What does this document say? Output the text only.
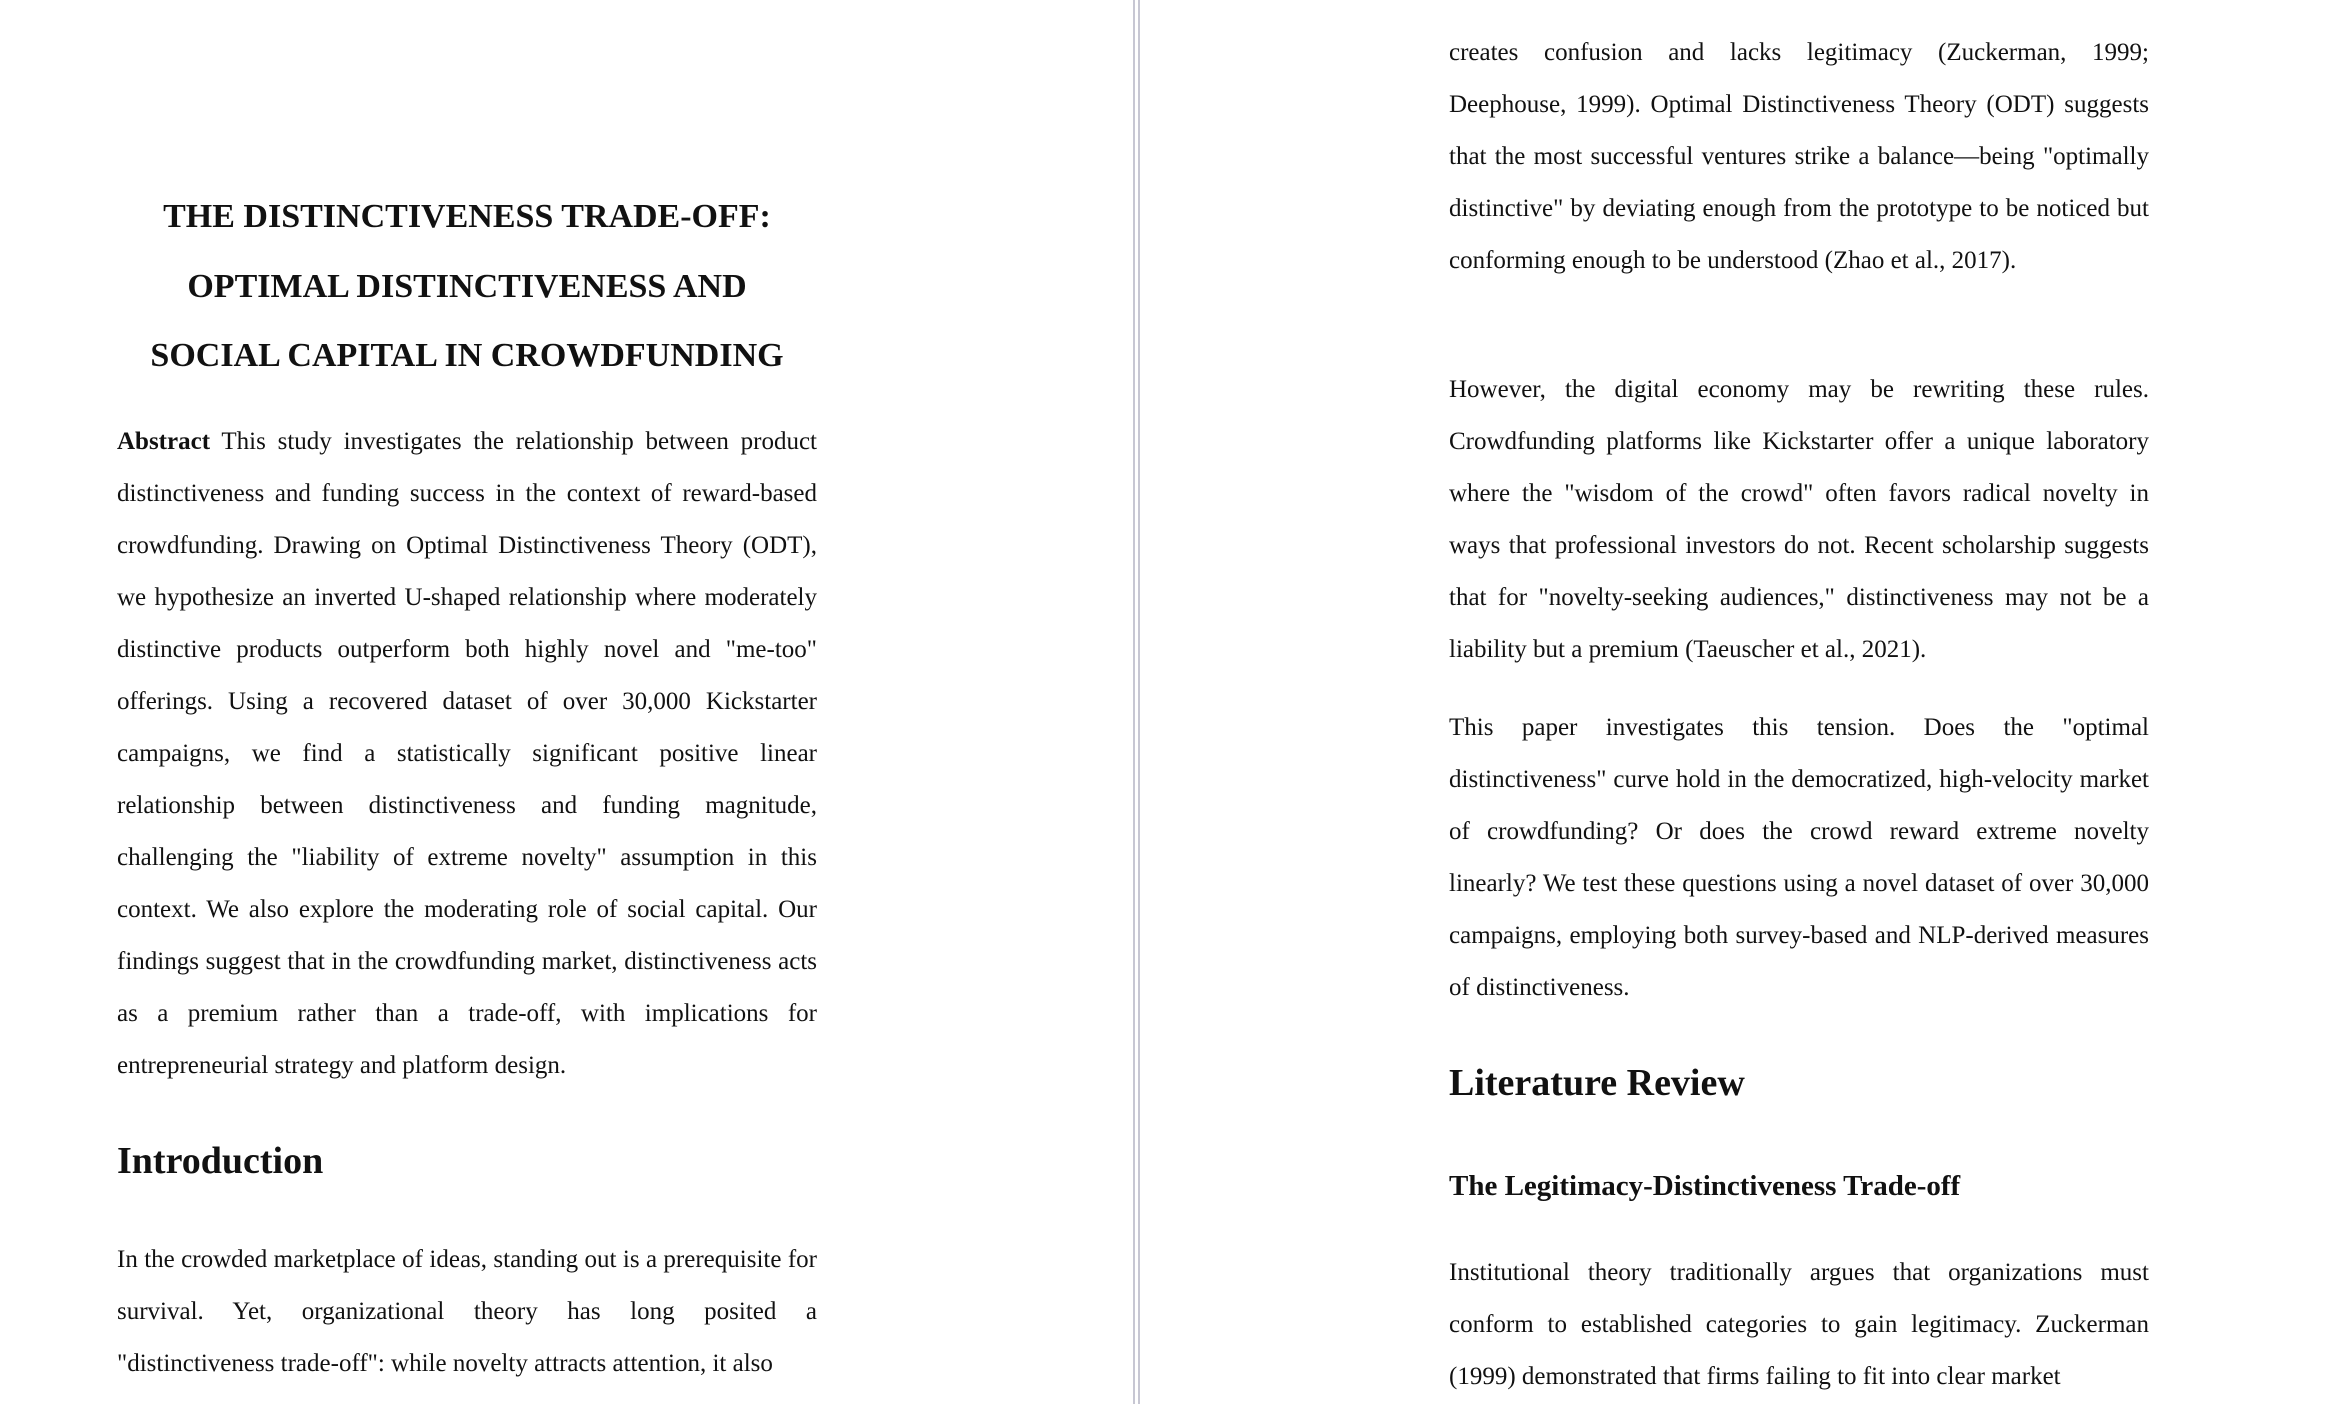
THE DISTINCTIVENESS TRADE-OFF:
OPTIMAL DISTINCTIVENESS AND
SOCIAL CAPITAL IN CROWDFUNDING

Abstract This study investigates the relationship between product distinctiveness and funding success in the context of reward-based crowdfunding. Drawing on Optimal Distinctiveness Theory (ODT), we hypothesize an inverted U-shaped relationship where moderately distinctive products outperform both highly novel and "me-too" offerings. Using a recovered dataset of over 30,000 Kickstarter campaigns, we find a statistically significant positive linear relationship between distinctiveness and funding magnitude, challenging the "liability of extreme novelty" assumption in this context. We also explore the moderating role of social capital. Our findings suggest that in the crowdfunding market, distinctiveness acts as a premium rather than a trade-off, with implications for entrepreneurial strategy and platform design.

Introduction

In the crowded marketplace of ideas, standing out is a prerequisite for survival. Yet, organizational theory has long posited a "distinctiveness trade-off": while novelty attracts attention, it also

creates confusion and lacks legitimacy (Zuckerman, 1999; Deephouse, 1999). Optimal Distinctiveness Theory (ODT) suggests that the most successful ventures strike a balance—being "optimally distinctive" by deviating enough from the prototype to be noticed but conforming enough to be understood (Zhao et al., 2017).

However, the digital economy may be rewriting these rules. Crowdfunding platforms like Kickstarter offer a unique laboratory where the "wisdom of the crowd" often favors radical novelty in ways that professional investors do not. Recent scholarship suggests that for "novelty-seeking audiences," distinctiveness may not be a liability but a premium (Taeuscher et al., 2021).

This paper investigates this tension. Does the "optimal distinctiveness" curve hold in the democratized, high-velocity market of crowdfunding? Or does the crowd reward extreme novelty linearly? We test these questions using a novel dataset of over 30,000 campaigns, employing both survey-based and NLP-derived measures of distinctiveness.

Literature Review
The Legitimacy-Distinctiveness Trade-off

Institutional theory traditionally argues that organizations must conform to established categories to gain legitimacy. Zuckerman (1999) demonstrated that firms failing to fit into clear market
